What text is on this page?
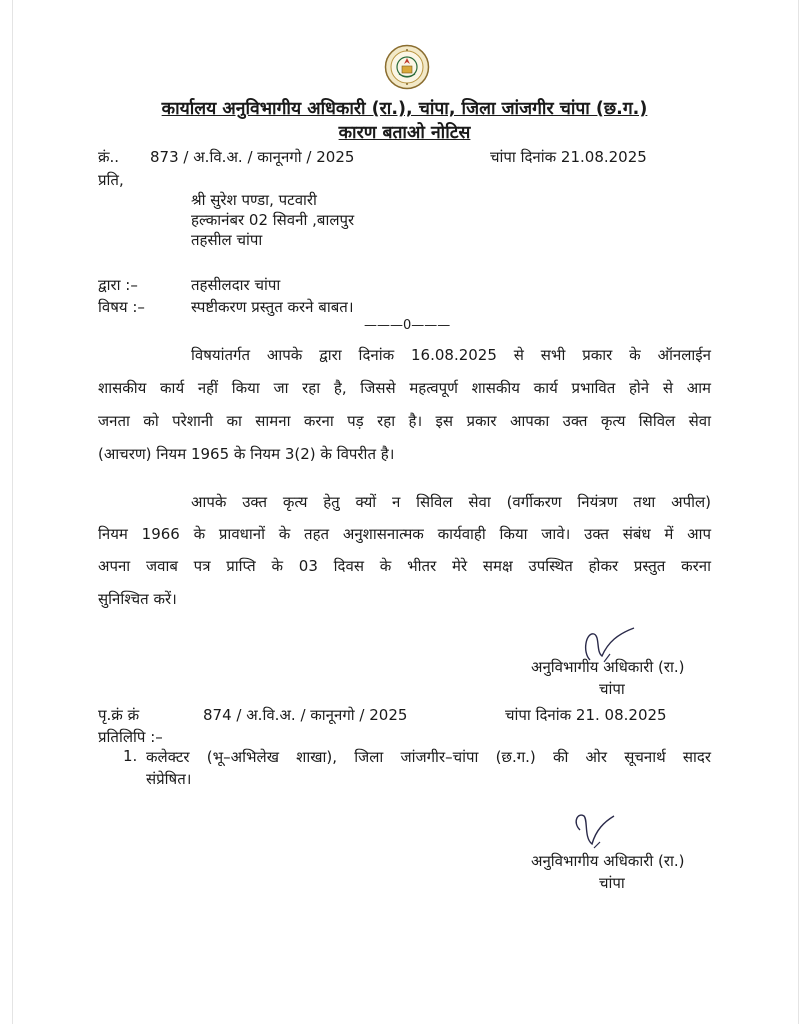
कार्यालय अनुविभागीय अधिकारी (रा.), चांपा, जिला जांजगीर चांपा (छ.ग.)
कारण बताओ नोटिस
क्रं.. 873 / अ.वि.अ. / कानूनगो / 2025	चांपा दिनांक 21.08.2025
प्रति,
श्री सुरेश पण्डा, पटवारी
हल्कानंबर 02 सिवनी ,बालपुर
तहसील चांपा
द्वारा :–	तहसीलदार चांपा
विषय :–	स्पष्टीकरण प्रस्तुत करने बाबत।
———0———
विषयांतर्गत आपके द्वारा दिनांक 16.08.2025 से सभी प्रकार के ऑनलाईन
शासकीय कार्य नहीं किया जा रहा है, जिससे महत्वपूर्ण शासकीय कार्य प्रभावित होने से आम
जनता को परेशानी का सामना करना पड़ रहा है। इस प्रकार आपका उक्त कृत्य सिविल सेवा
(आचरण) नियम 1965 के नियम 3(2) के विपरीत है।
आपके उक्त कृत्य हेतु क्यों न सिविल सेवा (वर्गीकरण नियंत्रण तथा अपील)
नियम 1966 के प्रावधानों के तहत अनुशासनात्मक कार्यवाही किया जावे। उक्त संबंध में आप
अपना जवाब पत्र प्राप्ति के 03 दिवस के भीतर मेरे समक्ष उपस्थित होकर प्रस्तुत करना
सुनिश्चित करें।
अनुविभागीय अधिकारी (रा.)
चांपा
पृ.क्रं क्रं	874 / अ.वि.अ. / कानूनगो / 2025	चांपा दिनांक 21. 08.2025
प्रतिलिपि :–
1. कलेक्टर (भू–अभिलेख शाखा), जिला जांजगीर–चांपा (छ.ग.) की ओर सूचनार्थ सादर
संप्रेषित।
अनुविभागीय अधिकारी (रा.)
चांपा
